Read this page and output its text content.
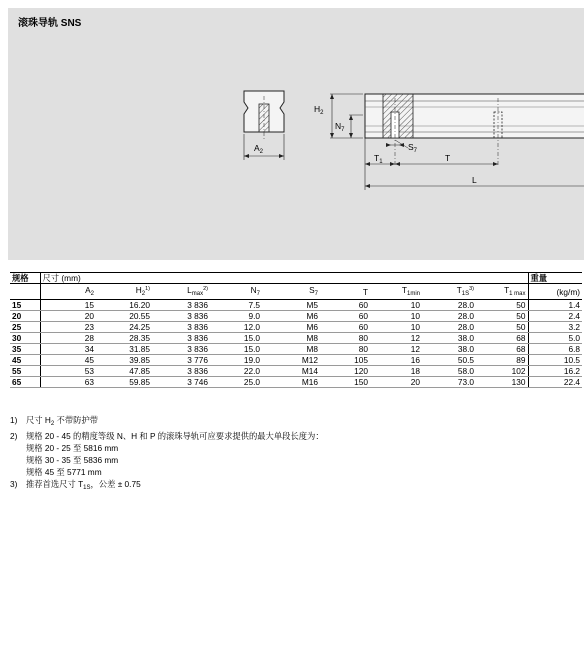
滚珠导轨 SNS
$A_2$
$H_2$
$N_7$
$S_7$
$T_1$	T
L
规格	尺寸 (mm)									重量
	$A_2$	$H_2^{1)}$	$L_{max}^{2)}$	$N_7$	$S_7$	T	$T_{1min}$	$T_{1S}^{3)}$	$T_{1 max}$	(kg/m)
15	15	16.20	3 836	7.5	M5	60	10	28.0	50	1.4
20	20	20.55	3 836	9.0	M6	60	10	28.0	50	2.4
25	23	24.25	3 836	12.0	M6	60	10	28.0	50	3.2
30	28	28.35	3 836	15.0	M8	80	12	38.0	68	5.0
35	34	31.85	3 836	15.0	M8	80	12	38.0	68	6.8
45	45	39.85	3 776	19.0	M12	105	16	50.5	89	10.5
55	53	47.85	3 836	22.0	M14	120	18	58.0	102	16.2
65	63	59.85	3 746	25.0	M16	150	20	73.0	130	22.4
1) 尺寸 $H_2$ 不带防护带
2) 规格 20 - 45 的精度等级 N、H 和 P 的滚珠导轨可应要求提供的最大单段长度为：
规格 20 - 25 至 5816 mm
规格 30 - 35 至 5836 mm
规格 45 至 5771 mm
3) 推荐首选尺寸 $T_{1S}$，公差 ± 0.75
